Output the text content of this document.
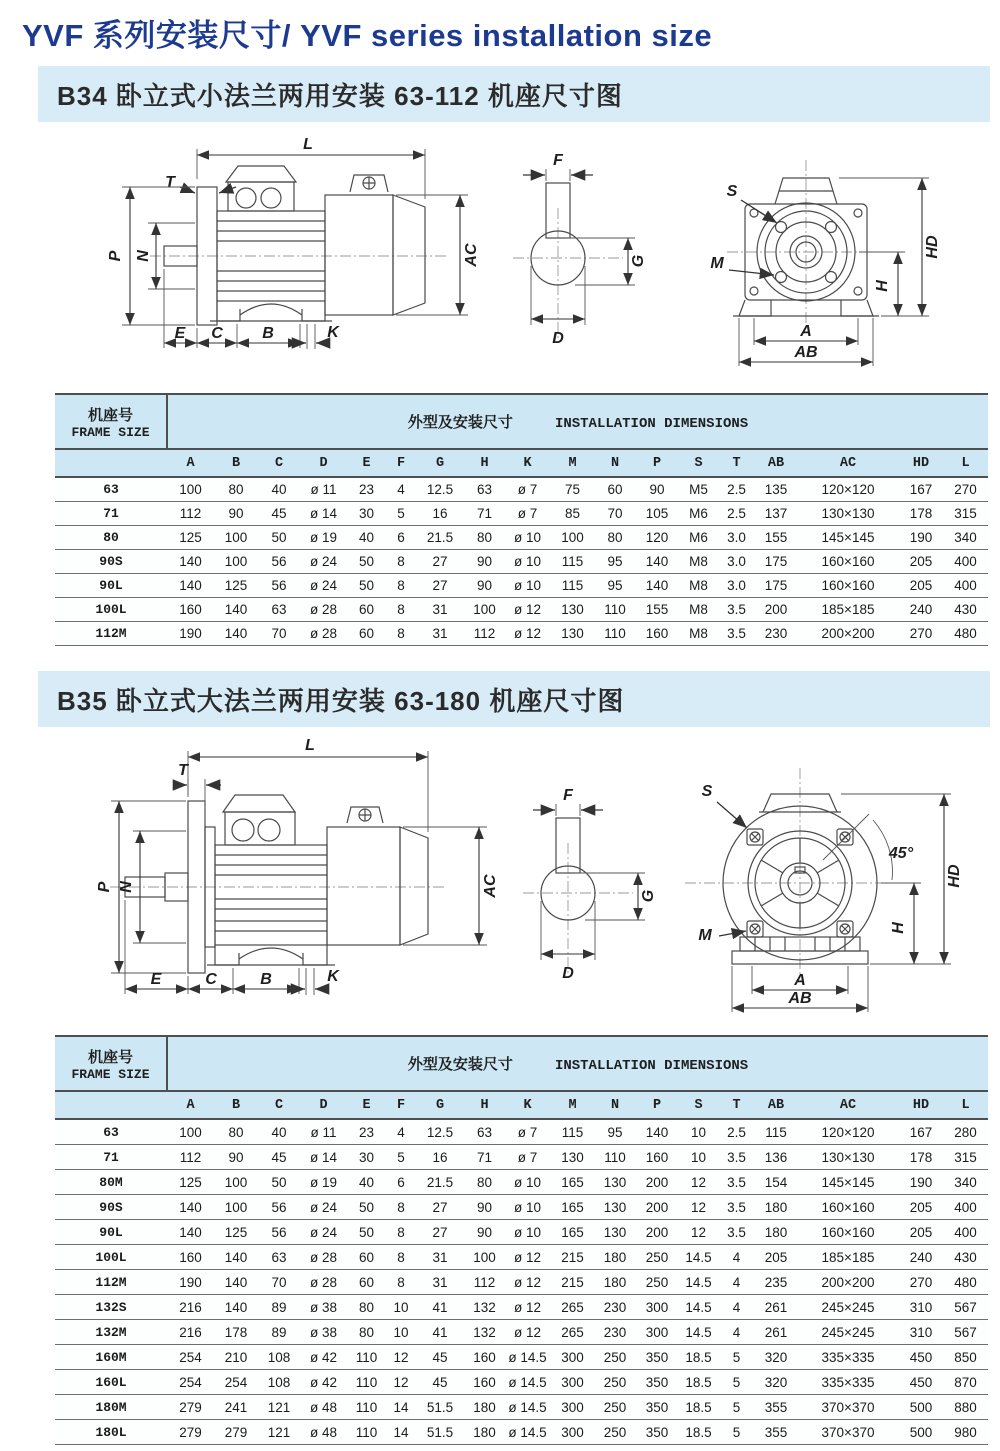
YVF 系列安装尺寸/ YVF series installation size
B34 卧立式小法兰两用安装 63-112 机座尺寸图
L
T
P N	AC
E C B	K
F
G
D
S
M
HD
H
A
AB
机座号
FRAME SIZE	外型及安装尺寸 INSTALLATION DIMENSIONS																	
	A	B	C	D	E	F	G	H	K	M	N	P	S	T	AB	AC	HD	L
63	100	80	40	ø 11	23	4	12.5	63	ø 7	75	60	90	M5	2.5	135	120×120	167	270
71	112	90	45	ø 14	30	5	16	71	ø 7	85	70	105	M6	2.5	137	130×130	178	315
80	125	100	50	ø 19	40	6	21.5	80	ø 10	100	80	120	M6	3.0	155	145×145	190	340
90S	140	100	56	ø 24	50	8	27	90	ø 10	115	95	140	M8	3.0	175	160×160	205	400
90L	140	125	56	ø 24	50	8	27	90	ø 10	115	95	140	M8	3.0	175	160×160	205	400
100L	160	140	63	ø 28	60	8	31	100	ø 12	130	110	155	M8	3.5	200	185×185	240	430
112M	190	140	70	ø 28	60	8	31	112	ø 12	130	110	160	M8	3.5	230	200×200	270	480
B35 卧立式大法兰两用安装 63-180 机座尺寸图
L
T
P N	AC
E	C	B	K
F
G
D
S
M
45°
HD
H
A
AB
机座号
FRAME SIZE	外型及安装尺寸 INSTALLATION DIMENSIONS																	
	A	B	C	D	E	F	G	H	K	M	N	P	S	T	AB	AC	HD	L
63	100	80	40	ø 11	23	4	12.5	63	ø 7	115	95	140	10	2.5	115	120×120	167	280
71	112	90	45	ø 14	30	5	16	71	ø 7	130	110	160	10	3.5	136	130×130	178	315
80M	125	100	50	ø 19	40	6	21.5	80	ø 10	165	130	200	12	3.5	154	145×145	190	340
90S	140	100	56	ø 24	50	8	27	90	ø 10	165	130	200	12	3.5	180	160×160	205	400
90L	140	125	56	ø 24	50	8	27	90	ø 10	165	130	200	12	3.5	180	160×160	205	400
100L	160	140	63	ø 28	60	8	31	100	ø 12	215	180	250	14.5	4	205	185×185	240	430
112M	190	140	70	ø 28	60	8	31	112	ø 12	215	180	250	14.5	4	235	200×200	270	480
132S	216	140	89	ø 38	80	10	41	132	ø 12	265	230	300	14.5	4	261	245×245	310	567
132M	216	178	89	ø 38	80	10	41	132	ø 12	265	230	300	14.5	4	261	245×245	310	567
160M	254	210	108	ø 42	110	12	45	160	ø 14.5	300	250	350	18.5	5	320	335×335	450	850
160L	254	254	108	ø 42	110	12	45	160	ø 14.5	300	250	350	18.5	5	320	335×335	450	870
180M	279	241	121	ø 48	110	14	51.5	180	ø 14.5	300	250	350	18.5	5	355	370×370	500	880
180L	279	279	121	ø 48	110	14	51.5	180	ø 14.5	300	250	350	18.5	5	355	370×370	500	980
